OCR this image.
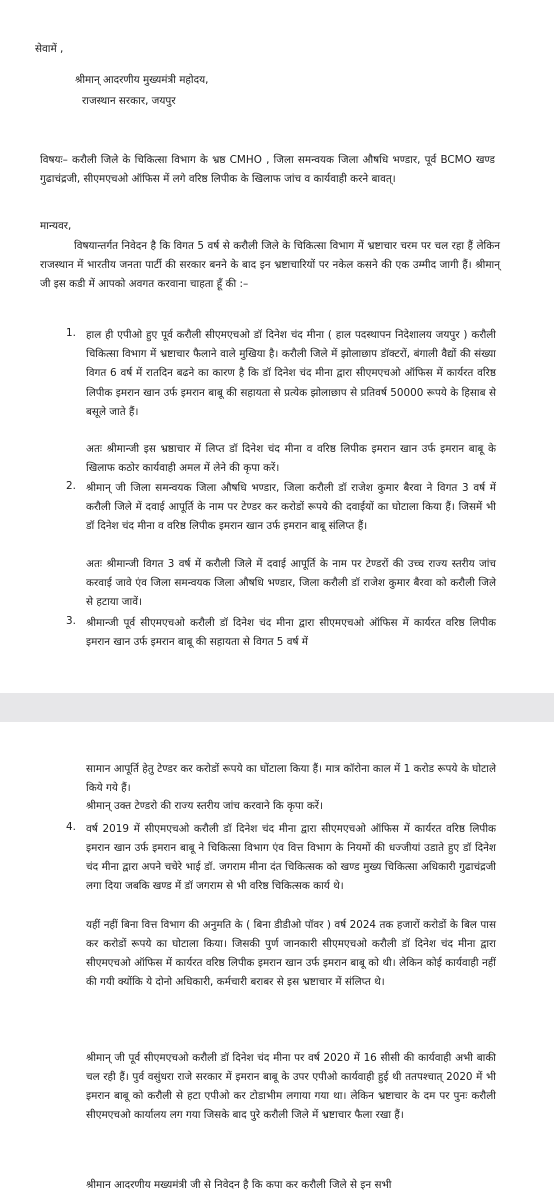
सेवामें ,

श्रीमान् आदरणीय मुख्यमंत्री महोदय,

राजस्थान सरकार, जयपुर

विषयः– करौली जिले के चिकित्सा विभाग के भ्रष्ठ CMHO , जिला समन्वयक जिला औषधि भण्डार, पूर्व BCMO खण्ड गुढाचंद्रजी, सीएमएचओ ऑफिस में लगे वरिष्ठ लिपीक के खिलाफ जांच व कार्यवाही करने बावत्।

मान्यवर,

विषयान्तर्गत निवेदन है कि विगत 5 वर्ष से करौली जिले के चिकित्सा विभाग में भ्रष्टाचार चरम पर चल रहा हैं लेकिन राजस्थान में भारतीय जनता पार्टी की सरकार बनने के बाद इन भ्रष्टाचारियों पर नकेल कसने की एक उम्मीद जागी हैं। श्रीमान् जी इस कडी में आपको अवगत करवाना चाहता हूँ की :–

1. हाल ही एपीओ हुए पूर्व करौली सीएमएचओ डॉ दिनेश चंद मीना ( हाल पदस्थापन निदेशालय जयपुर ) करौली चिकित्सा विभाग में भ्रष्टाचार फैलाने वाले मुखिया है। करौली जिले में झोलाछाप डॉक्टरों, बंगाली वैद्यों की संख्या विगत 6 वर्ष में रातदिन बढने का कारण है कि डॉ दिनेश चंद मीना द्वारा सीएमएचओ ऑफिस में कार्यरत वरिष्ठ लिपीक इमरान खान उर्फ इमरान बाबू की सहायता से प्रत्येक झोलाछाप से प्रतिवर्ष 50000 रूपये के हिसाब से बसूले जाते हैं।

अतः श्रीमान्जी इस भ्रष्ठाचार में लिप्त डॉ दिनेश चंद मीना व वरिष्ठ लिपीक इमरान खान उर्फ इमरान बाबू के खिलाफ कठोर कार्यवाही अमल में लेने की कृपा करें।

2. श्रीमान् जी जिला समन्वयक जिला औषधि भण्डार, जिला करौली डॉ राजेश कुमार बैरवा ने विगत 3 वर्ष में करौली जिले में दवाई आपूर्ति के नाम पर टेण्डर कर करोडों रूपये की दवाईयों का घोटाला किया हैं। जिसमें भी डॉ दिनेश चंद मीना व वरिष्ठ लिपीक इमरान खान उर्फ इमरान बाबू संलिप्त हैं।

अतः श्रीमान्जी विगत 3 वर्ष में करौली जिले में दवाई आपूर्ति के नाम पर टेण्डरों की उच्च राज्य स्तरीय जांच करवाई जावे एंव जिला समन्वयक जिला औषधि भण्डार, जिला करौली डॉ राजेश कुमार बैरवा को करौली जिले से हटाया जावें।

3. श्रीमान्जी पूर्व सीएमएचओ करौली डॉ दिनेश चंद मीना द्वारा सीएमएचओ ऑफिस में कार्यरत वरिष्ठ लिपीक इमरान खान उर्फ इमरान बाबू की सहायता से विगत 5 वर्ष में

सामान आपूर्ति हेतु टेण्डर कर करोडों रूपये का घोंटाला किया हैं। मात्र कॉरोना काल में 1 करोड रूपये के घोटाले किये गये हैं।

श्रीमान् उक्त टेण्डरो की राज्य स्तरीय जांच करवाने कि कृपा करें।

4. वर्ष 2019 में सीएमएचओ करौली डॉ दिनेश चंद मीना द्वारा सीएमएचओ ऑफिस में कार्यरत वरिष्ठ लिपीक इमरान खान उर्फ इमरान बाबू ने चिकित्सा विभाग एंव वित्त विभाग के नियमों की धज्जीयां उडाते हुए डॉ दिनेश चंद मीना द्वारा अपने चचेरे भाई डॉ. जगराम मीना दंत चिकित्सक को खण्ड मुख्य चिकित्सा अधिकारी गुढाचंद्रजी लगा दिया जबकि खण्ड में डॉ जगराम से भी वरिष्ठ चिकित्सक कार्य थे।

यहीं नहीं बिना वित्त विभाग की अनुमति के ( बिना डीडीओ पॉवर ) वर्ष 2024 तक हजारों करोडों के बिल पास कर करोडों रूपये का घोटाला किया। जिसकी पुर्ण जानकारी सीएमएचओ करौली डॉ दिनेश चंद मीना द्वारा सीएमएचओ ऑफिस में कार्यरत वरिष्ठ लिपीक इमरान खान उर्फ इमरान बाबू को थी। लेकिन कोई कार्यवाही नहीं की गयी क्योंकि ये दोनो अधिकारी, कर्मचारी बराबर से इस भ्रष्टाचार में संलिप्त थे।

श्रीमान् जी पूर्व सीएमएचओ करौली डॉ दिनेश चंद मीना पर वर्ष 2020 में 16 सीसी की कार्यवाही अभी बाकी चल रही हैं। पुर्व वसुंधरा राजे सरकार में इमरान बाबू के उपर एपीओ कार्यवाही हुई थी ततपश्चात् 2020 में भी इमरान बाबू को करौली से हटा एपीओ कर टोडाभीम लगाया गया था। लेकिन भ्रष्टाचार के दम पर पुनः करौली सीएमएचओ कार्यालय लग गया जिसके बाद पुरे करौली जिले में भ्रष्टाचार फैला रखा हैं।

श्रीमान आदरणीय मख्यमंत्री जी से निवेदन है कि कपा कर करौली जिले से इन सभी
